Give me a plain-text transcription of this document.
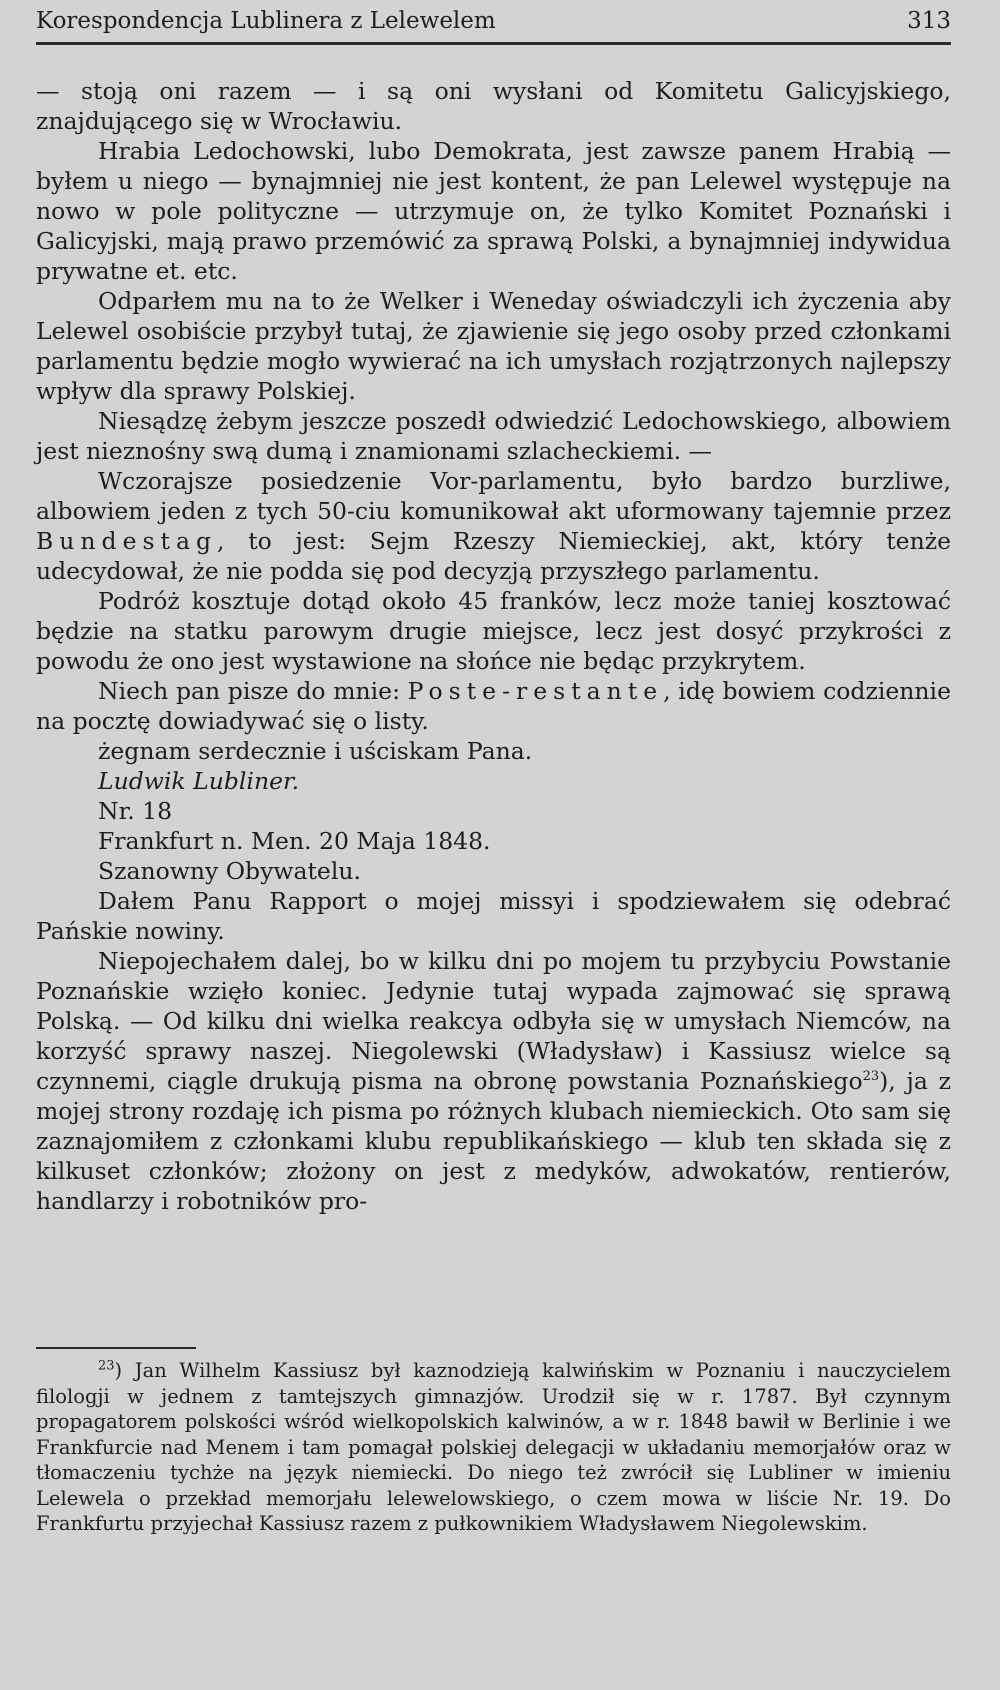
Korespondencja Lublinera z Lelewelem	313

— stoją oni razem — i są oni wysłani od Komitetu Galicyjskiego, znajdującego się w Wrocławiu.

Hrabia Ledochowski, lubo Demokrata, jest zawsze panem Hrabią — byłem u niego — bynajmniej nie jest kontent, że pan Lelewel występuje na nowo w pole polityczne — utrzymuje on, że tylko Komitet Poznański i Galicyjski, mają prawo przemówić za sprawą Polski, a bynajmniej indywidua prywatne et. etc.

Odparłem mu na to że Welker i Weneday oświadczyli ich życzenia aby Lelewel osobiście przybył tutaj, że zjawienie się jego osoby przed członkami parlamentu będzie mogło wywierać na ich umysłach rozjątrzonych najlepszy wpływ dla sprawy Polskiej.

Niesądzę żebym jeszcze poszedł odwiedzić Ledochowskiego, albowiem jest nieznośny swą dumą i znamionami szlacheckiemi. —

Wczorajsze posiedzenie Vor-parlamentu, było bardzo burzliwe, albowiem jeden z tych 50-ciu komunikował akt uformowany tajemnie przez Bundestag, to jest: Sejm Rzeszy Niemieckiej, akt, który tenże udecydował, że nie podda się pod decyzją przyszłego parlamentu.

Podróż kosztuje dotąd około 45 franków, lecz może taniej kosztować będzie na statku parowym drugie miejsce, lecz jest dosyć przykrości z powodu że ono jest wystawione na słońce nie będąc przykrytem.

Niech pan pisze do mnie: Poste-restante, idę bowiem codziennie na pocztę dowiadywać się o listy.

żegnam serdecznie i uściskam Pana.

Ludwik Lubliner.

Nr. 18

Frankfurt n. Men. 20 Maja 1848.

Szanowny Obywatelu.

Dałem Panu Rapport o mojej missyi i spodziewałem się odebrać Pańskie nowiny.

Niepojechałem dalej, bo w kilku dni po mojem tu przybyciu Powstanie Poznańskie wzięło koniec. Jedynie tutaj wypada zajmować się sprawą Polską. — Od kilku dni wielka reakcya odbyła się w umysłach Niemców, na korzyść sprawy naszej. Niegolewski (Władysław) i Kassiusz wielce są czynnemi, ciągle drukują pisma na obronę powstania Poznańskiego$^{23}$), ja z mojej strony rozdaję ich pisma po różnych klubach niemieckich. Oto sam się zaznajomiłem z członkami klubu republikańskiego — klub ten składa się z kilkuset członków; złożony on jest z medyków, adwokatów, rentierów, handlarzy i robotników pro-

$^{23}$) Jan Wilhelm Kassiusz był kaznodzieją kalwińskim w Poznaniu i nauczycielem filologji w jednem z tamtejszych gimnazjów. Urodził się w r. 1787. Był czynnym propagatorem polskości wśród wielkopolskich kalwinów, a w r. 1848 bawił w Berlinie i we Frankfurcie nad Menem i tam pomagał polskiej delegacji w układaniu memorjałów oraz w tłomaczeniu tychże na język niemiecki. Do niego też zwrócił się Lubliner w imieniu Lelewela o przekład memorjału lelewelowskiego, o czem mowa w liście Nr. 19. Do Frankfurtu przyjechał Kassiusz razem z pułkownikiem Władysławem Niegolewskim.
